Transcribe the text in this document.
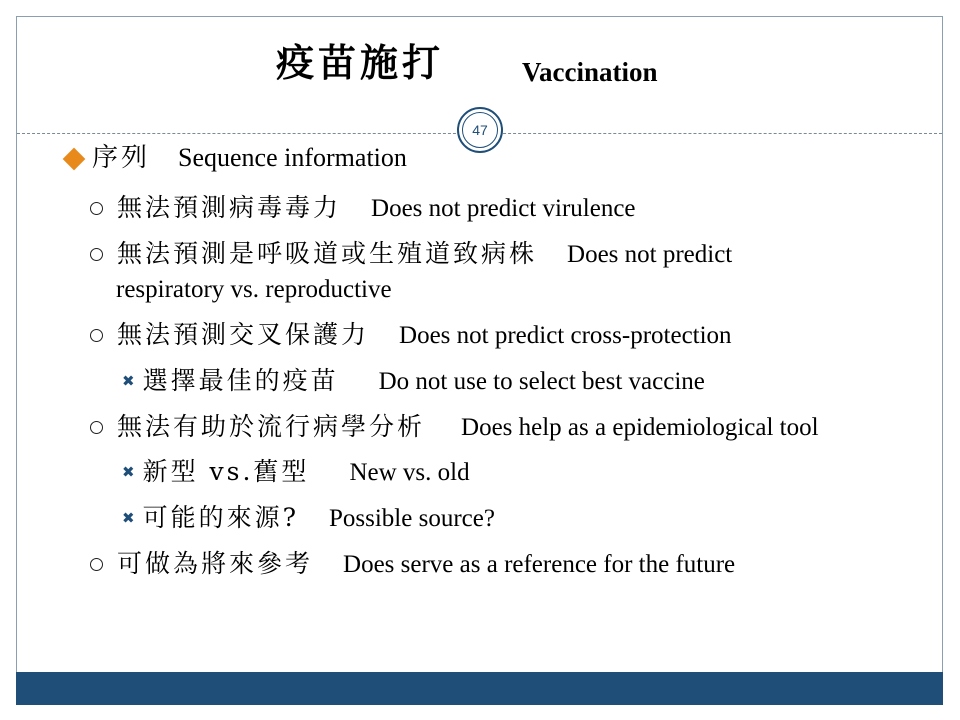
疫苗施打	Vaccination
序列 Sequence information
47
無法預測病毒毒力 Does not predict virulence
無法預測是呼吸道或生殖道致病株 Does not predict
respiratory vs. reproductive
無法預測交叉保護力 Does not predict cross-protection
✖ 選擇最佳的疫苗 Do not use to select best vaccine
無法有助於流行病學分析 Does help as a epidemiological tool
✖ 新型 vs.舊型 New vs. old
✖ 可能的來源? Possible source?
可做為將來參考 Does serve as a reference for the future
